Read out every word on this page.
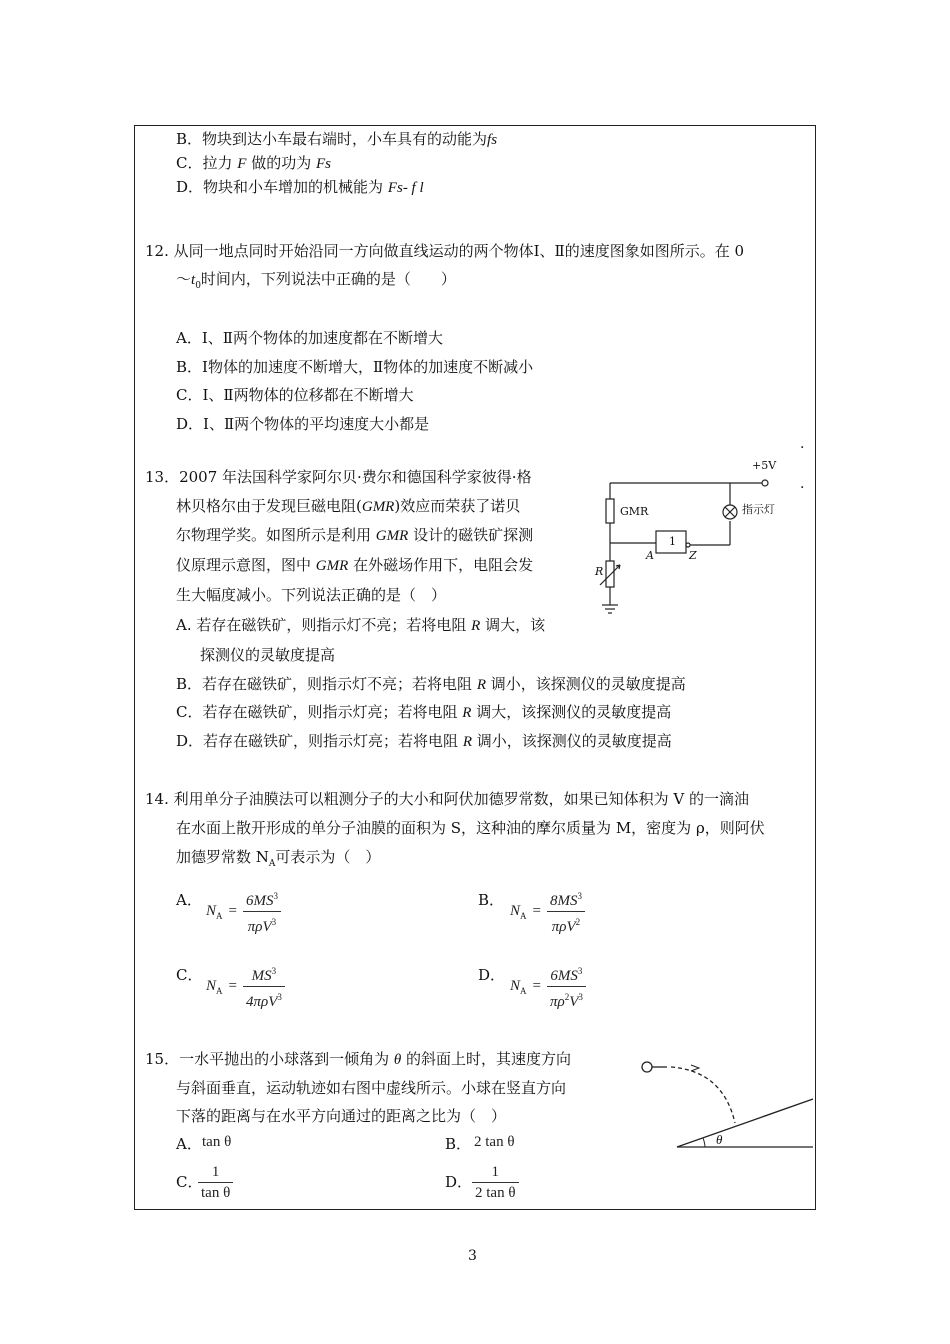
B．物块到达小车最右端时，小车具有的动能为fs
C．拉力 F 做的功为 Fs
D．物块和小车增加的机械能为 Fs- f l
12. 从同一地点同时开始沿同一方向做直线运动的两个物体Ⅰ、Ⅱ的速度图象如图所示。在 0
$\sim t_0$时间内，下列说法中正确的是（　　）
A．Ⅰ、Ⅱ两个物体的加速度都在不断增大
B．Ⅰ物体的加速度不断增大，Ⅱ物体的加速度不断减小
C．Ⅰ、Ⅱ两物体的位移都在不断增大
D．Ⅰ、Ⅱ两个物体的平均速度大小都是
.
.
13．2007 年法国科学家阿尔贝·费尔和德国科学家彼得·格
林贝格尔由于发现巨磁电阻(GMR)效应而荣获了诺贝
尔物理学奖。如图所示是利用 GMR 设计的磁铁矿探测
仪原理示意图，图中 GMR 在外磁场作用下，电阻会发
生大幅度减小。下列说法正确的是（　）
A. 若存在磁铁矿，则指示灯不亮；若将电阻 R 调大，该
探测仪的灵敏度提高
B．若存在磁铁矿，则指示灯不亮；若将电阻 R 调小，该探测仪的灵敏度提高
C．若存在磁铁矿，则指示灯亮；若将电阻 R 调大，该探测仪的灵敏度提高
D．若存在磁铁矿，则指示灯亮；若将电阻 R 调小，该探测仪的灵敏度提高
+5V
GMR	指示灯
1
A	Z
R
14. 利用单分子油膜法可以粗测分子的大小和阿伏加德罗常数，如果已知体积为 V 的一滴油
在水面上散开形成的单分子油膜的面积为 S，这种油的摩尔质量为 M，密度为 ρ，则阿伏
加德罗常数 $N_A$可表示为（　）
A．
$N_A = \frac{6MS^3}{\pi\rho V^3}$	B．
$N_A = \frac{8MS^3}{\pi\rho V^2}$
C．
$N_A = \frac{MS^3}{4\pi\rho V^3}$	D．
$N_A = \frac{6MS^3}{\pi\rho^2V^3}$
15．一水平抛出的小球落到一倾角为 θ 的斜面上时，其速度方向
与斜面垂直，运动轨迹如右图中虚线所示。小球在竖直方向
下落的距离与在水平方向通过的距离之比为（　）
A． tan θ	B． 2 tan θ
C．
$\frac{1}{\text{tan θ}}$	D． $\frac{1}{\text{2 tan θ}}$
θ
3
